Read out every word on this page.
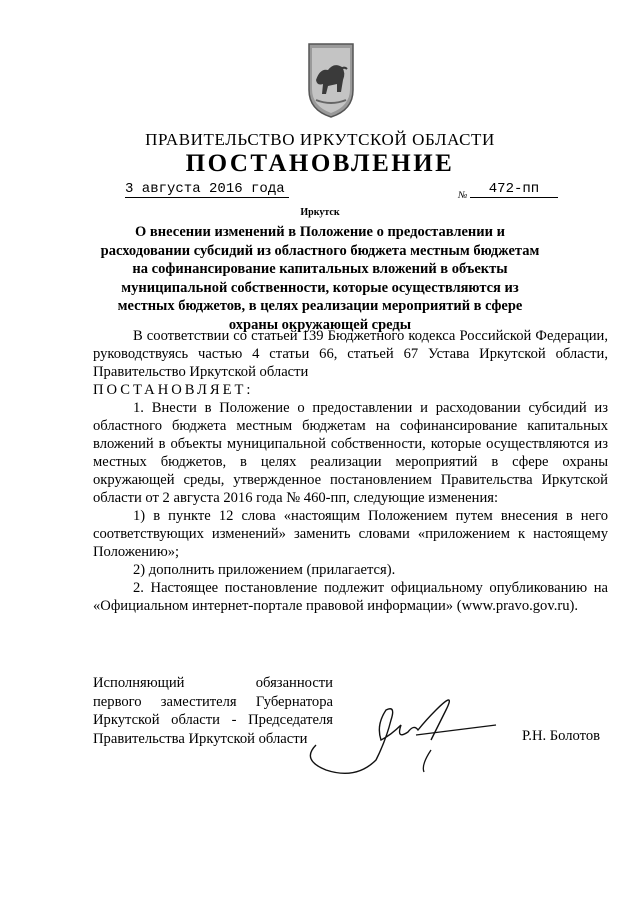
ПРАВИТЕЛЬСТВО ИРКУТСКОЙ ОБЛАСТИ
ПОСТАНОВЛЕНИЕ
3 августа 2016 года	№	472-пп
Иркутск
О внесении изменений в Положение о предоставлении и расходовании субсидий из областного бюджета местным бюджетам на софинансирование капитальных вложений в объекты муниципальной собственности, которые осуществляются из местных бюджетов, в целях реализации мероприятий в сфере охраны окружающей среды

В соответствии со статьей 139 Бюджетного кодекса Российской Федерации, руководствуясь частью 4 статьи 66, статьей 67 Устава Иркутской области, Правительство Иркутской области

ПОСТАНОВЛЯЕТ:

1. Внести в Положение о предоставлении и расходовании субсидий из областного бюджета местным бюджетам на софинансирование капитальных вложений в объекты муниципальной собственности, которые осуществляются из местных бюджетов, в целях реализации мероприятий в сфере охраны окружающей среды, утвержденное постановлением Правительства Иркутской области от 2 августа 2016 года № 460-пп, следующие изменения:

1) в пункте 12 слова «настоящим Положением путем внесения в него соответствующих изменений» заменить словами «приложением к настоящему Положению»;

2) дополнить приложением (прилагается).

2. Настоящее постановление подлежит официальному опубликованию на «Официальном интернет-портале правовой информации» (www.pravo.gov.ru).

Исполняющий обязанности

первого заместителя Губернатора

Иркутской области - Председателя

Правительства Иркутской области	Р.Н. Болотов
